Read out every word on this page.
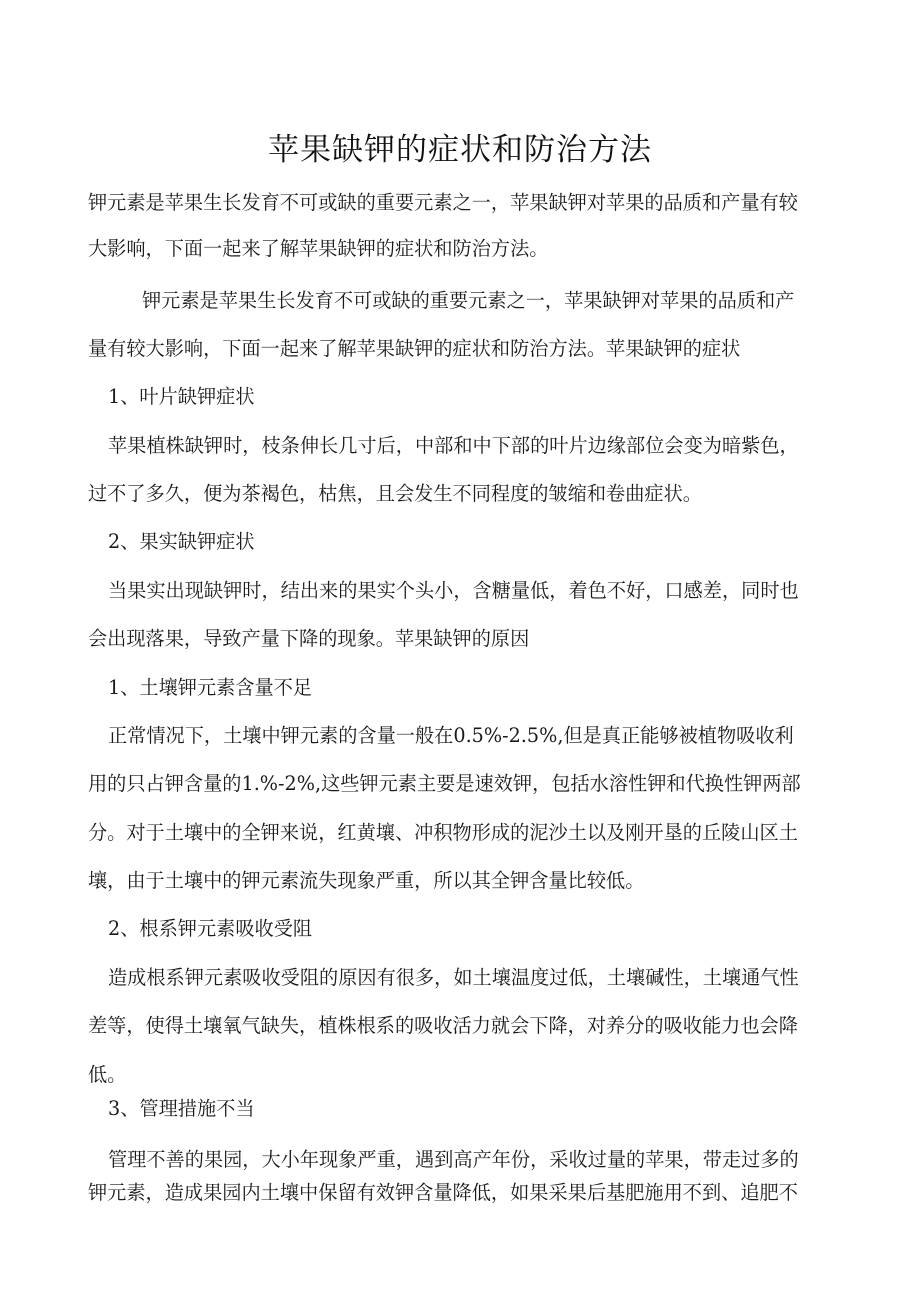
苹果缺钾的症状和防治方法
钾元素是苹果生长发育不可或缺的重要元素之一，苹果缺钾对苹果的品质和产量有较
大影响，下面一起来了解苹果缺钾的症状和防治方法。
钾元素是苹果生长发育不可或缺的重要元素之一，苹果缺钾对苹果的品质和产
量有较大影响，下面一起来了解苹果缺钾的症状和防治方法。苹果缺钾的症状
1、叶片缺钾症状
苹果植株缺钾时，枝条伸长几寸后，中部和中下部的叶片边缘部位会变为暗紫色，
过不了多久，便为茶褐色，枯焦，且会发生不同程度的皱缩和卷曲症状。
2、果实缺钾症状
当果实出现缺钾时，结出来的果实个头小，含糖量低，着色不好，口感差，同时也
会出现落果，导致产量下降的现象。苹果缺钾的原因
1、土壤钾元素含量不足
正常情况下，土壤中钾元素的含量一般在0.5%-2.5%,但是真正能够被植物吸收利
用的只占钾含量的1.%-2%,这些钾元素主要是速效钾，包括水溶性钾和代换性钾两部
分。对于土壤中的全钾来说，红黄壤、冲积物形成的泥沙土以及刚开垦的丘陵山区土
壤，由于土壤中的钾元素流失现象严重，所以其全钾含量比较低。
2、根系钾元素吸收受阻
造成根系钾元素吸收受阻的原因有很多，如土壤温度过低，土壤碱性，土壤通气性
差等，使得土壤氧气缺失，植株根系的吸收活力就会下降，对养分的吸收能力也会降
低。
3、管理措施不当
管理不善的果园，大小年现象严重，遇到高产年份，采收过量的苹果，带走过多的
钾元素，造成果园内土壤中保留有效钾含量降低，如果采果后基肥施用不到、追肥不
